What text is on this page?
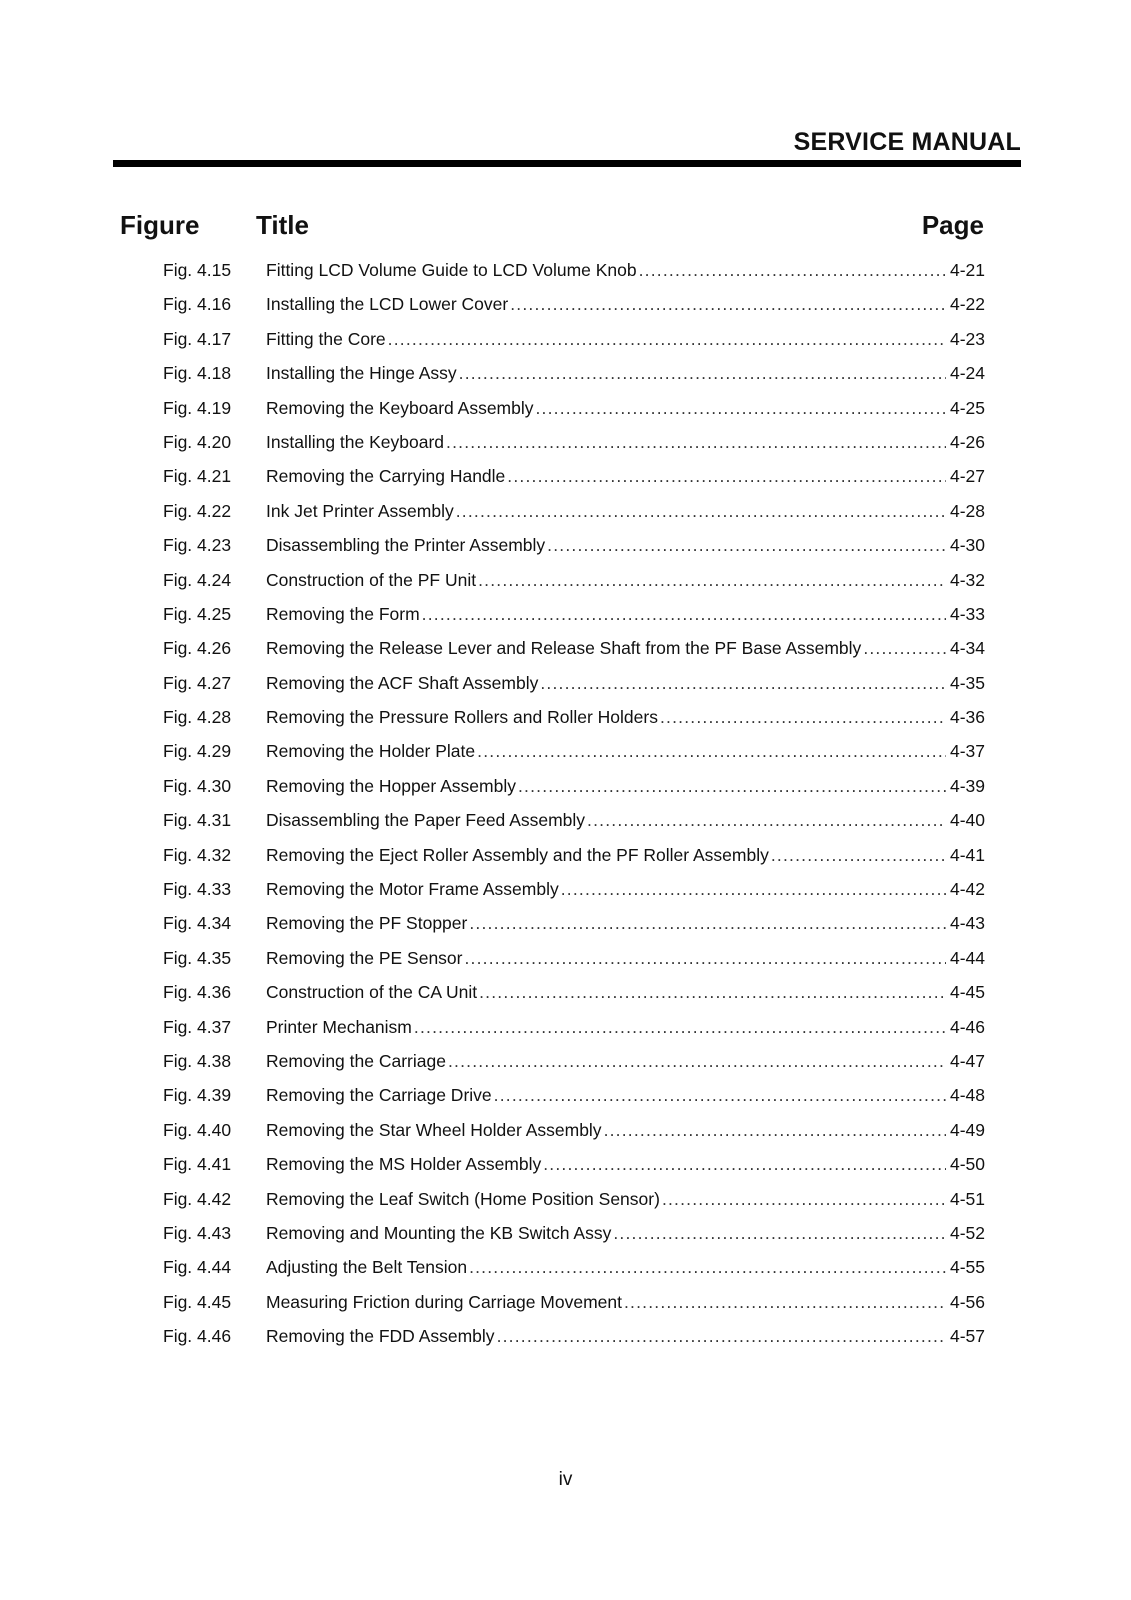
SERVICE MANUAL
Figure Title	Page
Fig. 4.15	Fitting LCD Volume Guide to LCD Volume Knob .....	4-21
Fig. 4.16	Installing the LCD Lower Cover .....	4-22
Fig. 4.17	Fitting the Core .....	4-23
Fig. 4.18	Installing the Hinge Assy .....	4-24
Fig. 4.19	Removing the Keyboard Assembly .....	4-25
Fig. 4.20	Installing the Keyboard .....	4-26
Fig. 4.21	Removing the Carrying Handle .....	4-27
Fig. 4.22	Ink Jet Printer Assembly .....	4-28
Fig. 4.23	Disassembling the Printer Assembly .....	4-30
Fig. 4.24	Construction of the PF Unit .....	4-32
Fig. 4.25	Removing the Form .....	4-33
Fig. 4.26	Removing the Release Lever and Release Shaft from the PF Base Assembly .....	4-34
Fig. 4.27	Removing the ACF Shaft Assembly .....	4-35
Fig. 4.28	Removing the Pressure Rollers and Roller Holders .....	4-36
Fig. 4.29	Removing the Holder Plate .....	4-37
Fig. 4.30	Removing the Hopper Assembly .....	4-39
Fig. 4.31	Disassembling the Paper Feed Assembly .....	4-40
Fig. 4.32	Removing the Eject Roller Assembly and the PF Roller Assembly .....	4-41
Fig. 4.33	Removing the Motor Frame Assembly .....	4-42
Fig. 4.34	Removing the PF Stopper .....	4-43
Fig. 4.35	Removing the PE Sensor .....	4-44
Fig. 4.36	Construction of the CA Unit .....	4-45
Fig. 4.37	Printer Mechanism .....	4-46
Fig. 4.38	Removing the Carriage .....	4-47
Fig. 4.39	Removing the Carriage Drive .....	4-48
Fig. 4.40	Removing the Star Wheel Holder Assembly .....	4-49
Fig. 4.41	Removing the MS Holder Assembly .....	4-50
Fig. 4.42	Removing the Leaf Switch (Home Position Sensor) .....	4-51
Fig. 4.43	Removing and Mounting the KB Switch Assy .....	4-52
Fig. 4.44	Adjusting the Belt Tension .....	4-55
Fig. 4.45	Measuring Friction during Carriage Movement .....	4-56
Fig. 4.46	Removing the FDD Assembly .....	4-57
iv
